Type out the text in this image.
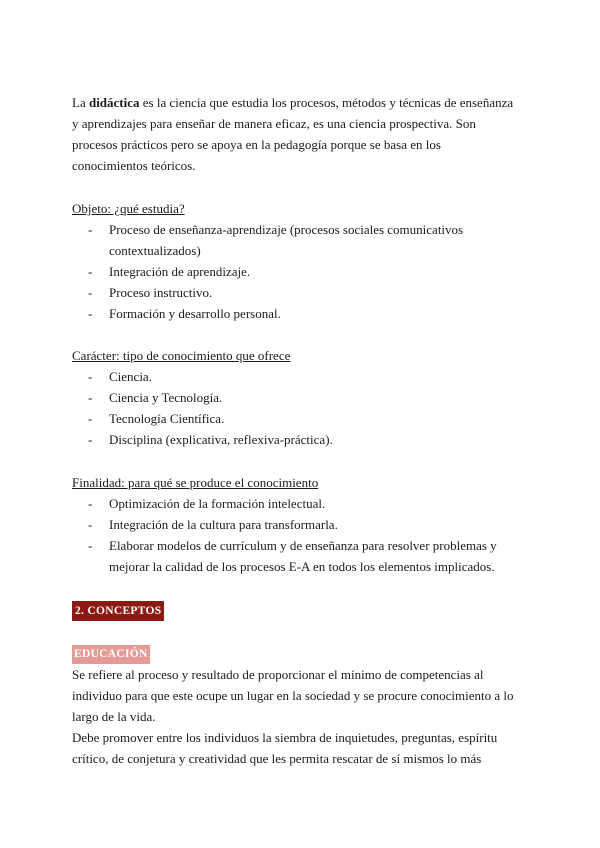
La didáctica es la ciencia que estudia los procesos, métodos y técnicas de enseñanza

y aprendizajes para enseñar de manera eficaz, es una ciencia prospectiva. Son

procesos prácticos pero se apoya en la pedagogía porque se basa en los

conocimientos teóricos.

Objeto: ¿qué estudia?

- Proceso de enseñanza-aprendizaje (procesos sociales comunicativos
contextualizados)
- Integración de aprendizaje.
- Proceso instructivo.
- Formación y desarrollo personal.

Carácter: tipo de conocimiento que ofrece

- Ciencia.
- Ciencia y Tecnología.
- Tecnología Científica.
- Disciplina (explicativa, reflexiva-práctica).

Finalidad: para qué se produce el conocimiento

- Optimización de la formación intelectual.
- Integración de la cultura para transformarla.
- Elaborar modelos de currículum y de enseñanza para resolver problemas y
mejorar la calidad de los procesos E-A en todos los elementos implicados.
2. CONCEPTOS

EDUCACIÓN

Se refiere al proceso y resultado de proporcionar el mínimo de competencias al

individuo para que este ocupe un lugar en la sociedad y se procure conocimiento a lo

largo de la vida.

Debe promover entre los individuos la siembra de inquietudes, preguntas, espíritu

crítico, de conjetura y creatividad que les permita rescatar de sí mismos lo más
